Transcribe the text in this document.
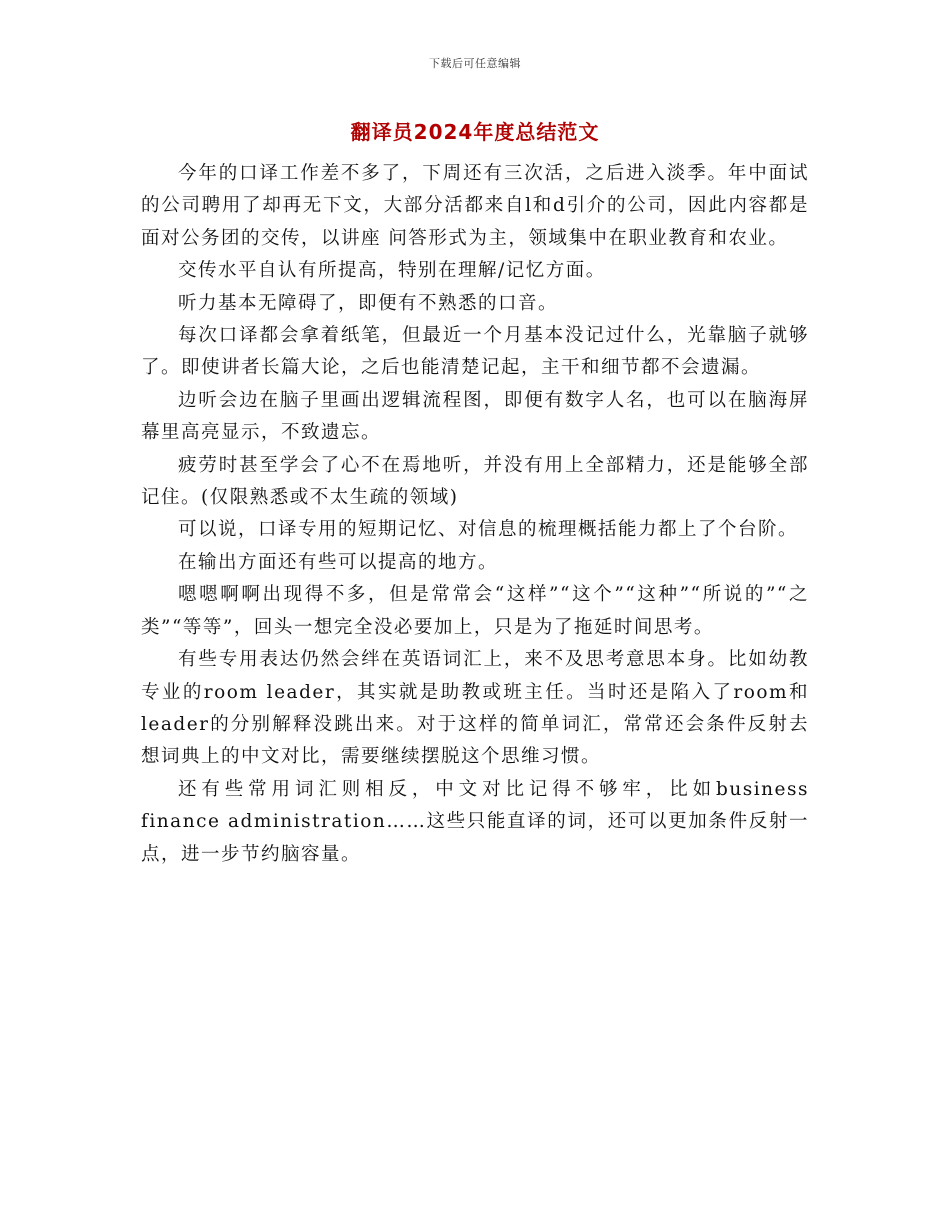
下载后可任意编辑
翻译员2024年度总结范文

今年的口译工作差不多了，下周还有三次活，之后进入淡季。年中面试的公司聘用了却再无下文，大部分活都来自l和d引介的公司，因此内容都是面对公务团的交传，以讲座 问答形式为主，领域集中在职业教育和农业。

交传水平自认有所提高，特别在理解/记忆方面。

听力基本无障碍了，即便有不熟悉的口音。

每次口译都会拿着纸笔，但最近一个月基本没记过什么，光靠脑子就够了。即使讲者长篇大论，之后也能清楚记起，主干和细节都不会遗漏。

边听会边在脑子里画出逻辑流程图，即便有数字人名，也可以在脑海屏幕里高亮显示，不致遗忘。

疲劳时甚至学会了心不在焉地听，并没有用上全部精力，还是能够全部记住。(仅限熟悉或不太生疏的领域)

可以说，口译专用的短期记忆、对信息的梳理概括能力都上了个台阶。

在输出方面还有些可以提高的地方。

嗯嗯啊啊出现得不多，但是常常会“这样”“这个”“这种”“所说的”“之类”“等等”，回头一想完全没必要加上，只是为了拖延时间思考。

有些专用表达仍然会绊在英语词汇上，来不及思考意思本身。比如幼教专业的room leader，其实就是助教或班主任。当时还是陷入了room和leader的分别解释没跳出来。对于这样的简单词汇，常常还会条件反射去想词典上的中文对比，需要继续摆脱这个思维习惯。

还有些常用词汇则相反，中文对比记得不够牢，比如business finance administration……这些只能直译的词，还可以更加条件反射一点，进一步节约脑容量。
